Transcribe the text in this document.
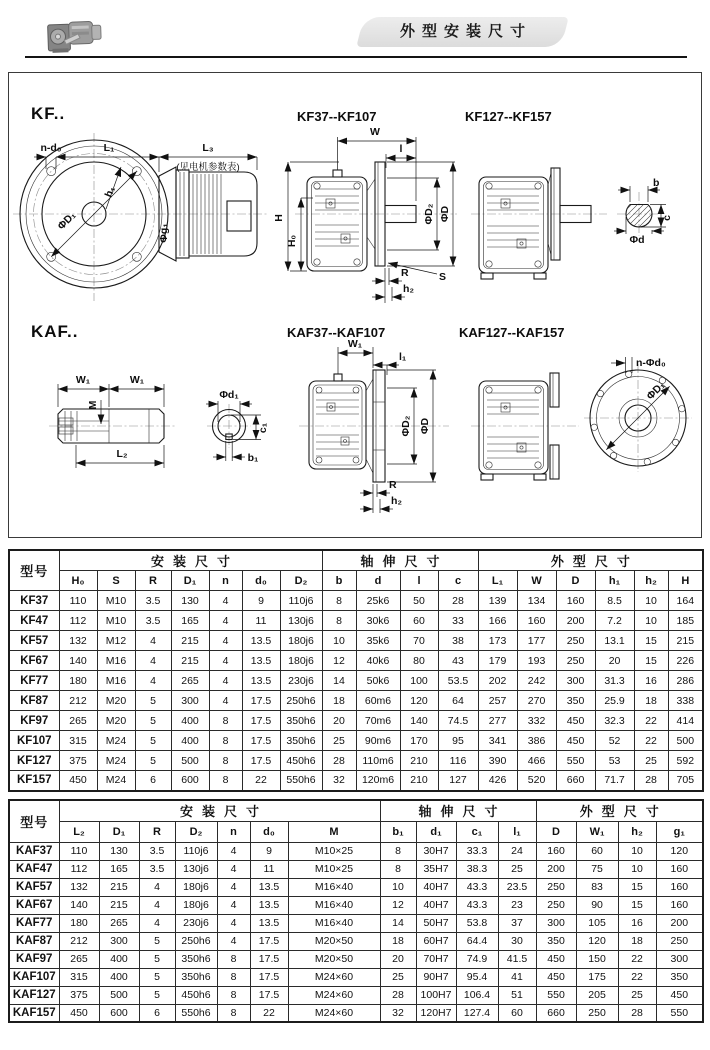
外型安装尺寸
KF..	KF37--KF107	KF127--KF157
KAF..	KAF37--KAF107	KAF127--KAF157
ΦD₁
h₁
Φg₁
n-d₀	L₁	L₃
(见电机参数表)
W
l
H
H₀
ΦD₂ ΦD
R
h₂
S
b
c
Φd
W₁	W₁
M
L₂
Φd₁
c₁
b₁
W₁
l₁
ΦD₂ ΦD
R
h₂
ΦD₁
n-Φd₀
型号	安装尺寸							轴伸尺寸				外型尺寸					
	H₀	S	R	D₁	n	d₀	D₂	b	d	l	c	L₁	W	D	h₁	h₂	H
KF37	110	M10	3.5	130	4	9	110j6	8	25k6	50	28	139	134	160	8.5	10	164
KF47	112	M10	3.5	165	4	11	130j6	8	30k6	60	33	166	160	200	7.2	10	185
KF57	132	M12	4	215	4	13.5	180j6	10	35k6	70	38	173	177	250	13.1	15	215
KF67	140	M16	4	215	4	13.5	180j6	12	40k6	80	43	179	193	250	20	15	226
KF77	180	M16	4	265	4	13.5	230j6	14	50k6	100	53.5	202	242	300	31.3	16	286
KF87	212	M20	5	300	4	17.5	250h6	18	60m6	120	64	257	270	350	25.9	18	338
KF97	265	M20	5	400	8	17.5	350h6	20	70m6	140	74.5	277	332	450	32.3	22	414
KF107	315	M24	5	400	8	17.5	350h6	25	90m6	170	95	341	386	450	52	22	500
KF127	375	M24	5	500	8	17.5	450h6	28	110m6	210	116	390	466	550	53	25	592
KF157	450	M24	6	600	8	22	550h6	32	120m6	210	127	426	520	660	71.7	28	705
型号	安装尺寸							轴伸尺寸				外型尺寸			
	L₂	D₁	R	D₂	n	d₀	M	b₁	d₁	c₁	l₁	D	W₁	h₂	g₁
KAF37	110	130	3.5	110j6	4	9	M10×25	8	30H7	33.3	24	160	60	10	120
KAF47	112	165	3.5	130j6	4	11	M10×25	8	35H7	38.3	25	200	75	10	160
KAF57	132	215	4	180j6	4	13.5	M16×40	10	40H7	43.3	23.5	250	83	15	160
KAF67	140	215	4	180j6	4	13.5	M16×40	12	40H7	43.3	23	250	90	15	160
KAF77	180	265	4	230j6	4	13.5	M16×40	14	50H7	53.8	37	300	105	16	200
KAF87	212	300	5	250h6	4	17.5	M20×50	18	60H7	64.4	30	350	120	18	250
KAF97	265	400	5	350h6	8	17.5	M20×50	20	70H7	74.9	41.5	450	150	22	300
KAF107	315	400	5	350h6	8	17.5	M24×60	25	90H7	95.4	41	450	175	22	350
KAF127	375	500	5	450h6	8	17.5	M24×60	28	100H7	106.4	51	550	205	25	450
KAF157	450	600	6	550h6	8	22	M24×60	32	120H7	127.4	60	660	250	28	550
